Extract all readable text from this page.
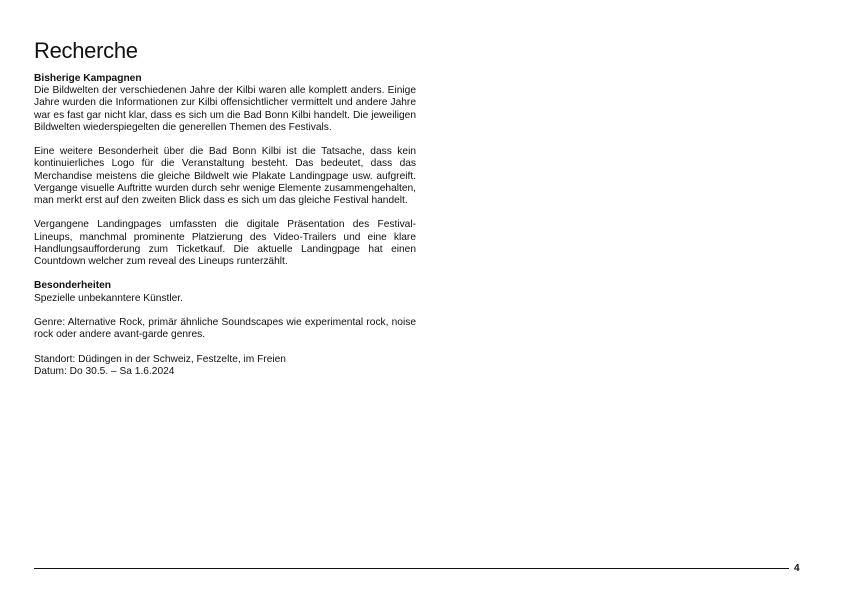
Recherche
Bisherige Kampagnen

Die Bildwelten der verschiedenen Jahre der Kilbi waren alle komplett anders. Einige Jahre wurden die Informationen zur Kilbi offensichtlicher vermittelt und andere Jahre war es fast gar nicht klar, dass es sich um die Bad Bonn Kilbi handelt. Die jeweiligen Bildwelten wiederspiegelten die generellen Themen des Festivals.

Eine weitere Besonderheit über die Bad Bonn Kilbi ist die Tatsache, dass kein kontinuierliches Logo für die Veranstaltung besteht. Das bedeutet, dass das Merchandise meistens die gleiche Bildwelt wie Plakate Landingpage usw. aufgreift. Vergange visuelle Auftritte wurden durch sehr wenige Elemente zusammengehalten, man merkt erst auf den zweiten Blick dass es sich um das gleiche Festival handelt.

Vergangene Landingpages umfassten die digitale Präsentation des Festival-Lineups, manchmal prominente Platzierung des Video-Trailers und eine klare Handlungsaufforderung zum Ticketkauf. Die aktuelle Landingpage hat einen Countdown welcher zum reveal des Lineups runterzählt.

Besonderheiten

Spezielle unbekanntere Künstler.

Genre: Alternative Rock, primär ähnliche Soundscapes wie experimental rock, noise rock oder andere avant-garde genres.

Standort: Düdingen in der Schweiz, Festzelte, im Freien

Datum: Do 30.5. – Sa 1.6.2024

4
